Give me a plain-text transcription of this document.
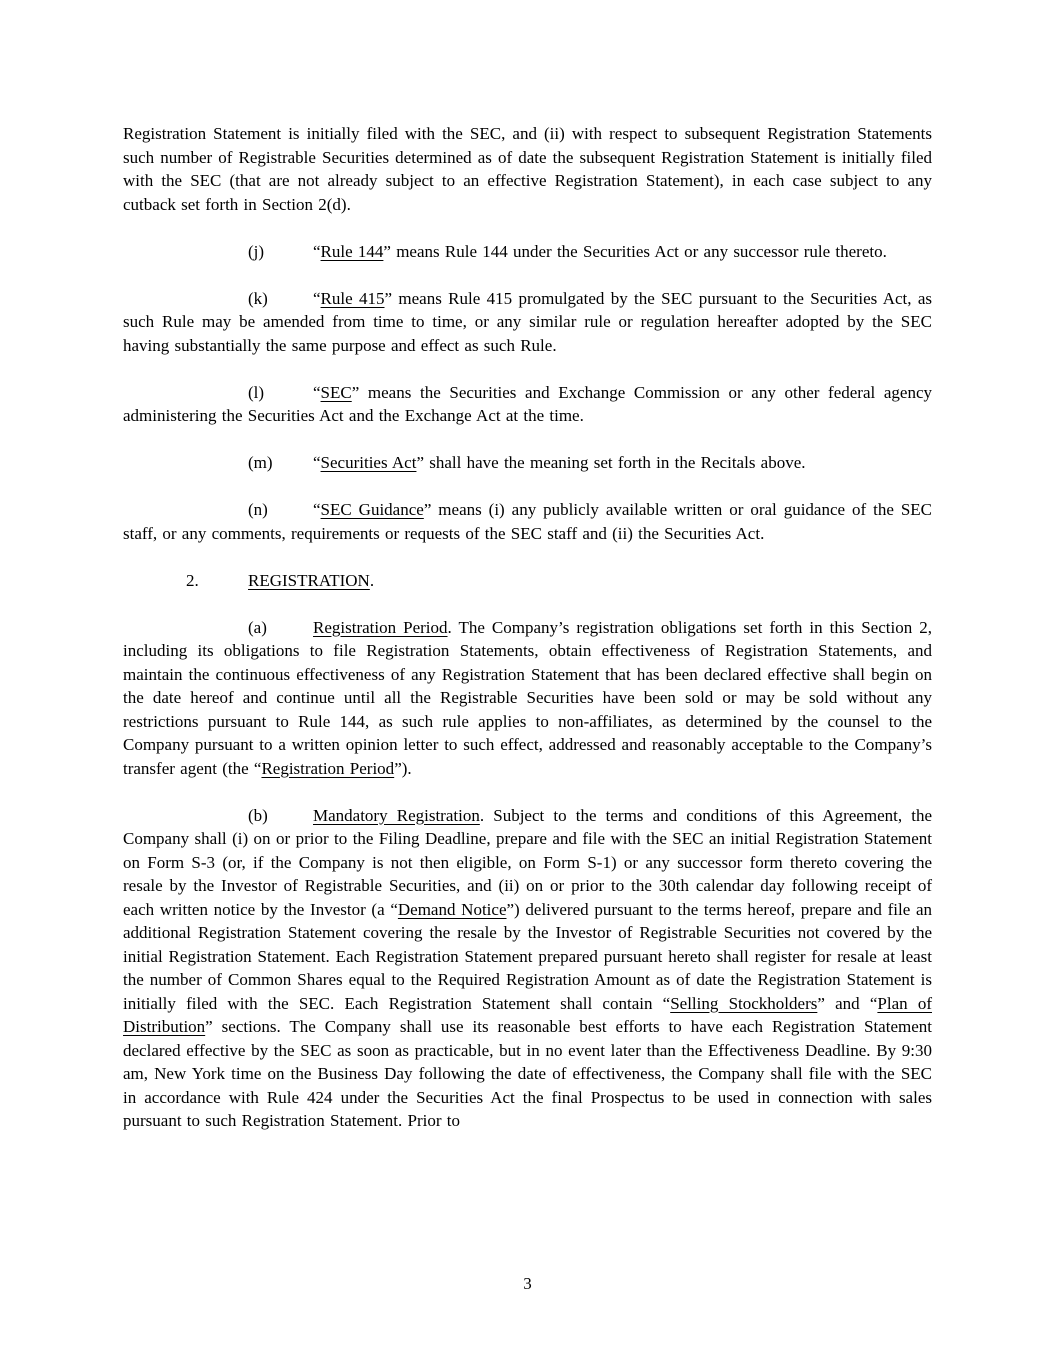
Registration Statement is initially filed with the SEC, and (ii) with respect to subsequent Registration Statements such number of Registrable Securities determined as of date the subsequent Registration Statement is initially filed with the SEC (that are not already subject to an effective Registration Statement), in each case subject to any cutback set forth in Section 2(d).

(j)	“Rule 144” means Rule 144 under the Securities Act or any successor rule thereto.

(k)	“Rule 415” means Rule 415 promulgated by the SEC pursuant to the Securities Act, as such Rule may be amended from time to time, or any similar rule or regulation hereafter adopted by the SEC having substantially the same purpose and effect as such Rule.

(l)	“SEC” means the Securities and Exchange Commission or any other federal agency administering the Securities Act and the Exchange Act at the time.

(m) “Securities Act” shall have the meaning set forth in the Recitals above.

(n)	“SEC Guidance” means (i) any publicly available written or oral guidance of the SEC staff, or any comments, requirements or requests of the SEC staff and (ii) the Securities Act.

2.	REGISTRATION.

(a)	Registration Period. The Company’s registration obligations set forth in this Section 2, including its obligations to file Registration Statements, obtain effectiveness of Registration Statements, and maintain the continuous effectiveness of any Registration Statement that has been declared effective shall begin on the date hereof and continue until all the Registrable Securities have been sold or may be sold without any restrictions pursuant to Rule 144, as such rule applies to non-affiliates, as determined by the counsel to the Company pursuant to a written opinion letter to such effect, addressed and reasonably acceptable to the Company’s transfer agent (the “Registration Period”).

(b)	Mandatory Registration. Subject to the terms and conditions of this Agreement, the Company shall (i) on or prior to the Filing Deadline, prepare and file with the SEC an initial Registration Statement on Form S-3 (or, if the Company is not then eligible, on Form S-1) or any successor form thereto covering the resale by the Investor of Registrable Securities, and (ii) on or prior to the 30th calendar day following receipt of each written notice by the Investor (a “Demand Notice”) delivered pursuant to the terms hereof, prepare and file an additional Registration Statement covering the resale by the Investor of Registrable Securities not covered by the initial Registration Statement. Each Registration Statement prepared pursuant hereto shall register for resale at least the number of Common Shares equal to the Required Registration Amount as of date the Registration Statement is initially filed with the SEC. Each Registration Statement shall contain “Selling Stockholders” and “Plan of Distribution” sections. The Company shall use its reasonable best efforts to have each Registration Statement declared effective by the SEC as soon as practicable, but in no event later than the Effectiveness Deadline. By 9:30 am, New York time on the Business Day following the date of effectiveness, the Company shall file with the SEC in accordance with Rule 424 under the Securities Act the final Prospectus to be used in connection with sales pursuant to such Registration Statement. Prior to

3
